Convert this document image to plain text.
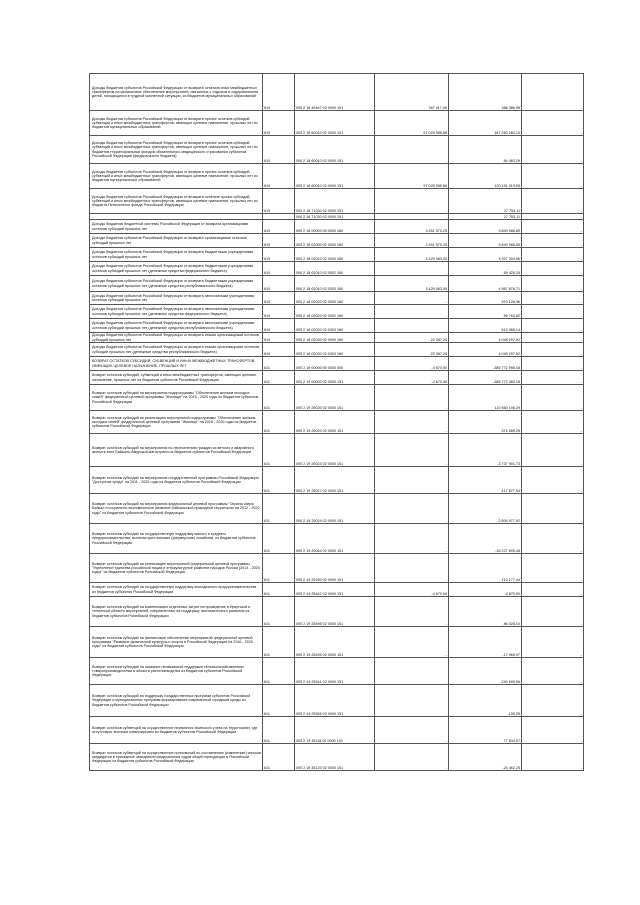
Доходы бюджетов субъектов Российской Федерации от возврата остатков иных межбюджетных трансфертов на финансовое обеспечение мероприятий, связанных с отдыхом и оздоровлением детей, находящихся в трудной жизненной ситуации, из бюджетов муниципальных образований	610	000 2 18 45467 02 0000 151	367 017,00	386 386,98	-
Доходы бюджетов субъектов Российской Федерации от возврата прочих остатков субсидий, субвенций и иных межбюджетных трансфертов, имеющих целевое назначение, прошлых лет из бюджетов муниципальных образований	610	000 2 18 60010 02 0000 151	97 025 085,86	187 283 284,10	-
Доходы бюджетов субъектов Российской Федерации от возврата прочих остатков субсидий, субвенций и иных межбюджетных трансфертов, имеющих целевое назначение, прошлых лет из бюджетов территориальных фондов обязательного медицинского страхования субъектов Российской Федерации (федерального бюджета)	610	000 2 18 60010 02 0000 151	-	84 463,29	-
Доходы бюджетов субъектов Российской Федерации от возврата прочих остатков субсидий, субвенций и иных межбюджетных трансфертов, имеющих целевое назначение, прошлых лет из бюджетов муниципальных образований	610	000 2 18 60010 02 0000 151	97 025 085,86	120 151 019,08	-
Доходы бюджетов субъектов Российской Федерации от возврата остатков прочих субсидий, субвенций и иных межбюджетных трансфертов, имеющих целевое назначение, прошлых лет из бюджета Пенсионного фонда Российской Федерации	610	000 2 18 71030 02 0000 151	-	27 753,11	-
		000 2 18 71030 02 0000 151	-	27 753,11	-
Доходы бюджетов бюджетной системы Российской Федерации от возврата организациями остатков субсидий прошлых лет	610	000 2 18 00000 00 0000 180	3 451 570,25	9 840 986,89	-
Доходы бюджетов субъектов Российской Федерации от возврата организациями остатков субсидий прошлых лет	610	000 2 18 02000 02 0000 180	3 451 570,25	9 840 986,89	-
Доходы бюджетов субъектов Российской Федерации от возврата бюджетными учреждениями остатков субсидий прошлых лет	610	000 2 18 02010 02 0000 180	3 429 083,00	4 927 304,06	-
Доходы бюджетов субъектов Российской Федерации от возврата бюджетными учреждениями остатков субсидий прошлых лет (денежные средства федерального бюджета)	610	000 2 18 02010 02 0002 180	-	59 425,35	-
Доходы бюджетов субъектов Российской Федерации от возврата бюджетными учреждениями остатков субсидий прошлых лет (денежные средства республиканского бюджета)	610	000 2 18 02010 02 0003 180	3 429 083,00	4 867 878,71	-
Доходы бюджетов субъектов Российской Федерации от возврата автономными учреждениями остатков субсидий прошлых лет	610	000 2 18 02020 02 0000 180	-	570 128,96	-
Доходы бюджетов субъектов Российской Федерации от возврата автономными учреждениями остатков субсидий прошлых лет (денежные средства федерального бюджета)	610	000 2 18 02020 02 0002 180	-	56 763,82	-
Доходы бюджетов субъектов Российской Федерации от возврата автономными учреждениями остатков субсидий прошлых лет (денежные средства республиканского бюджета)	610	000 2 18 02020 02 0003 180	-	513 365,14	-
Доходы бюджетов субъектов Российской Федерации от возврата иными организациями остатков субсидий прошлых лет	610	000 2 18 02030 02 0000 180	22 387,25	4 048 297,92	-
Доходы бюджетов субъектов Российской Федерации от возврата иными организациями остатков субсидий прошлых лет (денежные средства республиканского бюджета)	610	000 2 18 02030 02 0003 180	22 387,25	4 048 297,92	-
ВОЗВРАТ ОСТАТКОВ СУБСИДИЙ, СУБВЕНЦИЙ И ИНЫХ МЕЖБЮДЖЕТНЫХ ТРАНСФЕРТОВ, ИМЕЮЩИХ ЦЕЛЕВОЕ НАЗНАЧЕНИЕ, ПРОШЛЫХ ЛЕТ	611	000 2 19 00000 00 0000 000	-4 670,00	-386 772 996,18	-
Возврат остатков субсидий, субвенций и иных межбюджетных трансфертов, имеющих целевое назначение, прошлых лет из бюджетов субъектов Российской Федерации	611	000 2 19 00000 02 0000 151	-4 670,00	-386 772 460,18	-
Возврат остатков субсидий на мероприятия подпрограммы "Обеспечение жильем молодых семей" федеральной целевой программы "Жилище" на 2015 - 2020 годы из бюджетов субъектов Российской Федерации	611	000 2 19 25020 02 0000 151	-	110 560 196,29	-
Возврат остатков субсидий на реализацию мероприятий подпрограммы "Обеспечение жильем молодых семей" федеральной целевой программы "Жилище" на 2015 - 2020 годы из бюджетов субъектов Российской Федерации	611	000 2 19 25020 02 0000 151	-	-371 580,25	-
Возврат остатков субсидий на мероприятия по переселению граждан из ветхого и аварийного жилья в зоне Байкало-Амурской магистрали из бюджетов субъектов Российской Федерации	611	000 2 19 25023 02 0000 151	-	-3 737 901,73	-
Возврат остатков субсидий на мероприятия государственной программы Российской Федерации "Доступная среда" на 2011 - 2020 годы из бюджетов субъектов Российской Федерации	611	000 2 19 25027 02 0000 151	-	-117 677,54	-
Возврат остатков субсидий на мероприятия федеральной целевой программы "Охрана озера Байкал и социально-экономическое развитие Байкальской природной территории на 2012 - 2020 годы" из бюджетов субъектов Российской Федерации	611	000 2 19 25029 02 0000 151	-	-2 804 977,92	-
Возврат остатков субсидий на государственную поддержку малого и среднего предпринимательства, включая крестьянские (фермерские) хозяйства, из бюджетов субъектов Российской Федерации	611	000 2 19 25064 02 0000 151	-	-18 227 695,48	-
Возврат остатков субсидий на реализацию мероприятий федеральной целевой программы "Укрепление единства российской нации и этнокультурное развитие народов России (2014 - 2020 годы)" из бюджетов субъектов Российской Федерации	611	000 2 19 25250 02 0000 151	-	-712 177,44	-
Возврат остатков субсидий на государственную поддержку молодежного предпринимательства из бюджетов субъектов Российской Федерации	611	000 2 19 25442 02 0000 151	-4 670,00	-4 670,00	-
Возврат остатков субсидий на компенсацию отдельных затрат на проведение в Иркутской и Читинской области мероприятий, направленных на поддержку экономического развития из бюджетов субъектов Российской Федерации	611	000 2 19 25495 02 0000 151	-	86 026,10	-
Возврат остатков субсидий на финансовое обеспечение мероприятий федеральной целевой программы "Развитие физической культуры и спорта в Российской Федерации на 2016 - 2020 годы" из бюджетов субъектов Российской Федерации	611	000 2 19 25495 02 0000 151	-	-17 965,97	-
Возврат остатков субсидий на оказание несвязанной поддержки сельскохозяйственным товаропроизводителям в области растениеводства из бюджетов субъектов Российской Федерации	611	000 2 19 25541 02 0000 151	-	-240 690,06	-
Возврат остатков субсидий на поддержку государственных программ субъектов Российской Федерации и муниципальных программ формирования современной городской среды из бюджетов субъектов Российской Федерации	611	000 2 19 25555 02 0000 151	-	-130,25	-
Возврат остатков субвенций на осуществление первичного воинского учета на территориях, где отсутствуют военные комиссариаты из бюджетов субъектов Российской Федерации	611	000 2 19 35118 02 0000 151	-	77 844,97	-
Возврат остатков субвенций на осуществление полномочий по составлению (изменению) списков кандидатов в присяжные заседатели федеральных судов общей юрисдикции в Российской Федерации из бюджетов субъектов Российской Федерации	611	000 2 19 35120 02 0000 151	-	-24 462,25	-
